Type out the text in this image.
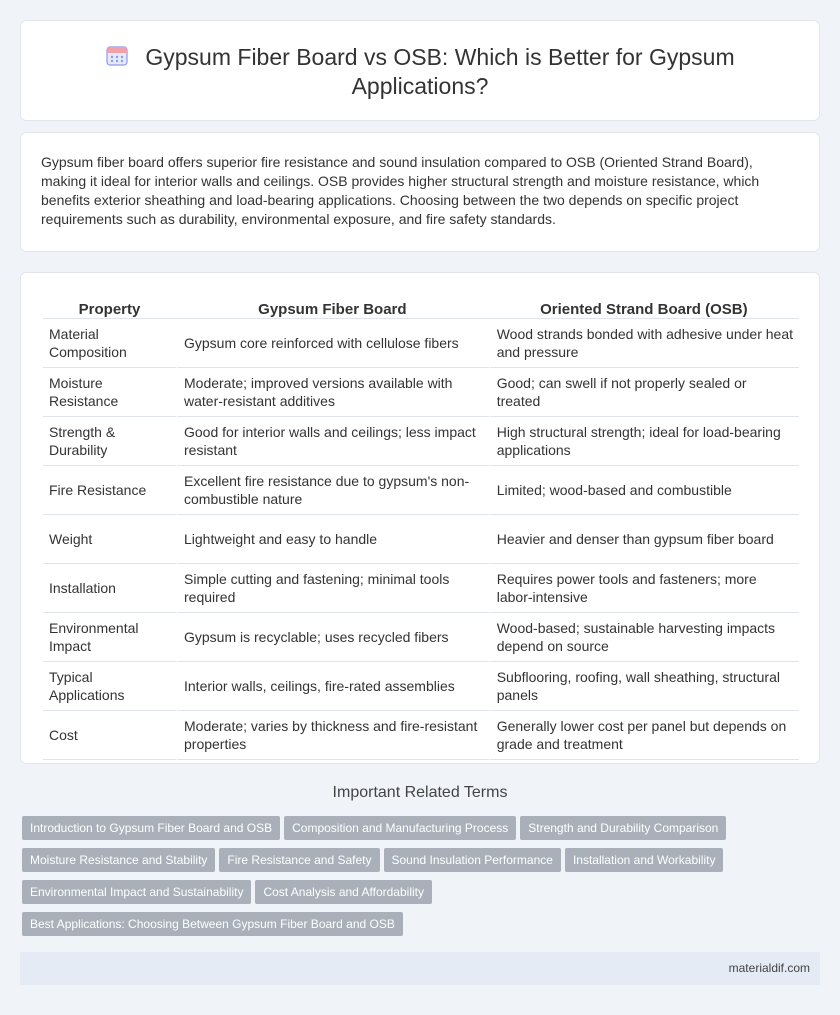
Gypsum Fiber Board vs OSB: Which is Better for Gypsum
Applications?

Gypsum fiber board offers superior fire resistance and sound insulation compared to OSB (Oriented Strand Board), making it ideal for interior walls and ceilings. OSB provides higher structural strength and moisture resistance, which benefits exterior sheathing and load-bearing applications. Choosing between the two depends on specific project requirements such as durability, environmental exposure, and fire safety standards.

Property	Gypsum Fiber Board	Oriented Strand Board (OSB)
Material Composition	Gypsum core reinforced with cellulose fibers	Wood strands bonded with adhesive under heat and pressure
Moisture Resistance	Moderate; improved versions available with water-resistant additives	Good; can swell if not properly sealed or treated
Strength & Durability	Good for interior walls and ceilings; less impact resistant	High structural strength; ideal for load-bearing applications
Fire Resistance	Excellent fire resistance due to gypsum's non-combustible nature	Limited; wood-based and combustible
Weight	Lightweight and easy to handle	Heavier and denser than gypsum fiber board
Installation	Simple cutting and fastening; minimal tools required	Requires power tools and fasteners; more labor-intensive
Environmental Impact	Gypsum is recyclable; uses recycled fibers	Wood-based; sustainable harvesting impacts depend on source
Typical Applications	Interior walls, ceilings, fire-rated assemblies	Subflooring, roofing, wall sheathing, structural panels
Cost	Moderate; varies by thickness and fire-resistant properties	Generally lower cost per panel but depends on grade and treatment
Important Related Terms
Introduction to Gypsum Fiber Board and OSB Composition and Manufacturing Process Strength and Durability Comparison
Moisture Resistance and Stability Fire Resistance and Safety Sound Insulation Performance Installation and Workability
Environmental Impact and Sustainability Cost Analysis and Affordability
Best Applications: Choosing Between Gypsum Fiber Board and OSB
materialdif.com
